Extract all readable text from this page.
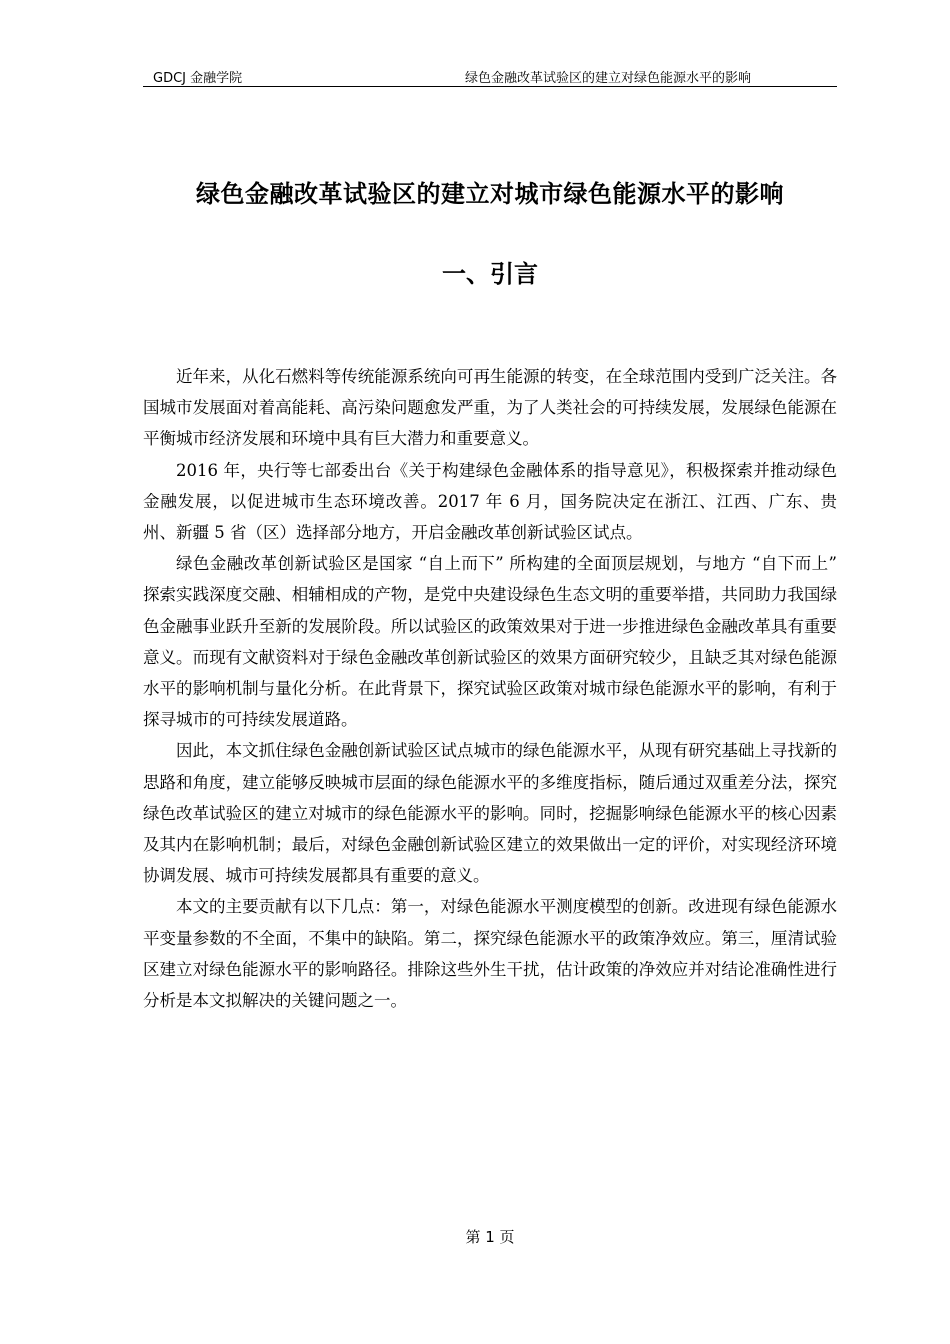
GDCJ 金融学院	绿色金融改革试验区的建立对绿色能源水平的影响
绿色金融改革试验区的建立对城市绿色能源水平的影响
一、引言

近年来，从化石燃料等传统能源系统向可再生能源的转变，在全球范围内受到广泛关注。各国城市发展面对着高能耗、高污染问题愈发严重，为了人类社会的可持续发展，发展绿色能源在平衡城市经济发展和环境中具有巨大潜力和重要意义。

2016 年，央行等七部委出台《关于构建绿色金融体系的指导意见》，积极探索并推动绿色金融发展，以促进城市生态环境改善。2017 年 6 月，国务院决定在浙江、江西、广东、贵州、新疆 5 省（区）选择部分地方，开启金融改革创新试验区试点。

绿色金融改革创新试验区是国家 “自上而下” 所构建的全面顶层规划，与地方 “自下而上” 探索实践深度交融、相辅相成的产物，是党中央建设绿色生态文明的重要举措，共同助力我国绿色金融事业跃升至新的发展阶段。所以试验区的政策效果对于进一步推进绿色金融改革具有重要意义。而现有文献资料对于绿色金融改革创新试验区的效果方面研究较少，且缺乏其对绿色能源水平的影响机制与量化分析。在此背景下，探究试验区政策对城市绿色能源水平的影响，有利于探寻城市的可持续发展道路。

因此，本文抓住绿色金融创新试验区试点城市的绿色能源水平，从现有研究基础上寻找新的思路和角度，建立能够反映城市层面的绿色能源水平的多维度指标，随后通过双重差分法，探究绿色改革试验区的建立对城市的绿色能源水平的影响。同时，挖掘影响绿色能源水平的核心因素及其内在影响机制；最后，对绿色金融创新试验区建立的效果做出一定的评价，对实现经济环境协调发展、城市可持续发展都具有重要的意义。

本文的主要贡献有以下几点：第一，对绿色能源水平测度模型的创新。改进现有绿色能源水平变量参数的不全面，不集中的缺陷。第二，探究绿色能源水平的政策净效应。第三，厘清试验区建立对绿色能源水平的影响路径。排除这些外生干扰，估计政策的净效应并对结论准确性进行分析是本文拟解决的关键问题之一。

第 1 页
